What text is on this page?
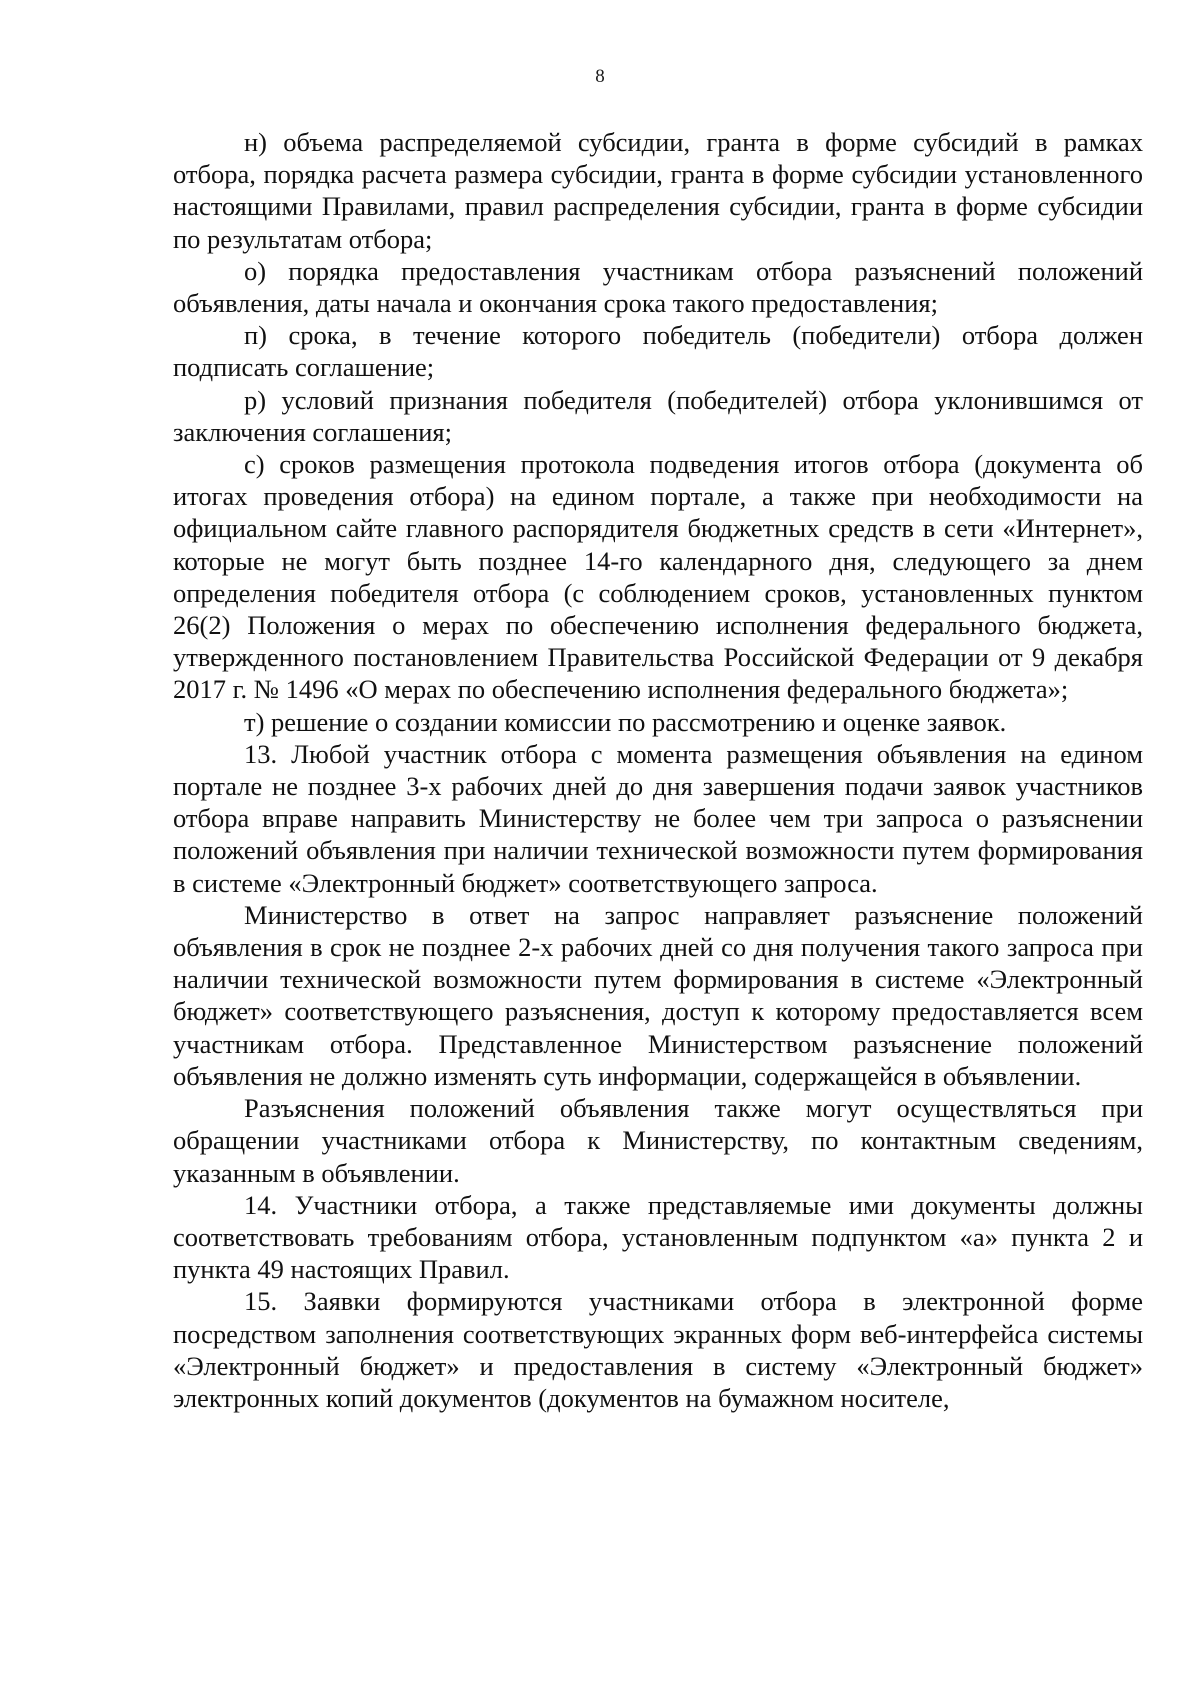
8

н) объема распределяемой субсидии, гранта в форме субсидий в рамках отбора, порядка расчета размера субсидии, гранта в форме субсидии установленного настоящими Правилами, правил распределения субсидии, гранта в форме субсидии по результатам отбора;

о) порядка предоставления участникам отбора разъяснений положений объявления, даты начала и окончания срока такого предоставления;

п) срока, в течение которого победитель (победители) отбора должен подписать соглашение;

р) условий признания победителя (победителей) отбора уклонившимся от заключения соглашения;

с) сроков размещения протокола подведения итогов отбора (документа об итогах проведения отбора) на едином портале, а также при необходимости на официальном сайте главного распорядителя бюджетных средств в сети «Интернет», которые не могут быть позднее 14-го календарного дня, следующего за днем определения победителя отбора (с соблюдением сроков, установленных пунктом 26(2) Положения о мерах по обеспечению исполнения федерального бюджета, утвержденного постановлением Правительства Российской Федерации от 9 декабря 2017 г. № 1496 «О мерах по обеспечению исполнения федерального бюджета»;

т) решение о создании комиссии по рассмотрению и оценке заявок.

13. Любой участник отбора с момента размещения объявления на едином портале не позднее 3-х рабочих дней до дня завершения подачи заявок участников отбора вправе направить Министерству не более чем три запроса о разъяснении положений объявления при наличии технической возможности путем формирования в системе «Электронный бюджет» соответствующего запроса.

Министерство в ответ на запрос направляет разъяснение положений объявления в срок не позднее 2-х рабочих дней со дня получения такого запроса при наличии технической возможности путем формирования в системе «Электронный бюджет» соответствующего разъяснения, доступ к которому предоставляется всем участникам отбора. Представленное Министерством разъяснение положений объявления не должно изменять суть информации, содержащейся в объявлении.

Разъяснения положений объявления также могут осуществляться при обращении участниками отбора к Министерству, по контактным сведениям, указанным в объявлении.

14. Участники отбора, а также представляемые ими документы должны соответствовать требованиям отбора, установленным подпунктом «а» пункта 2 и пункта 49 настоящих Правил.

15. Заявки формируются участниками отбора в электронной форме посредством заполнения соответствующих экранных форм веб-интерфейса системы «Электронный бюджет» и предоставления в систему «Электронный бюджет» электронных копий документов (документов на бумажном носителе,
